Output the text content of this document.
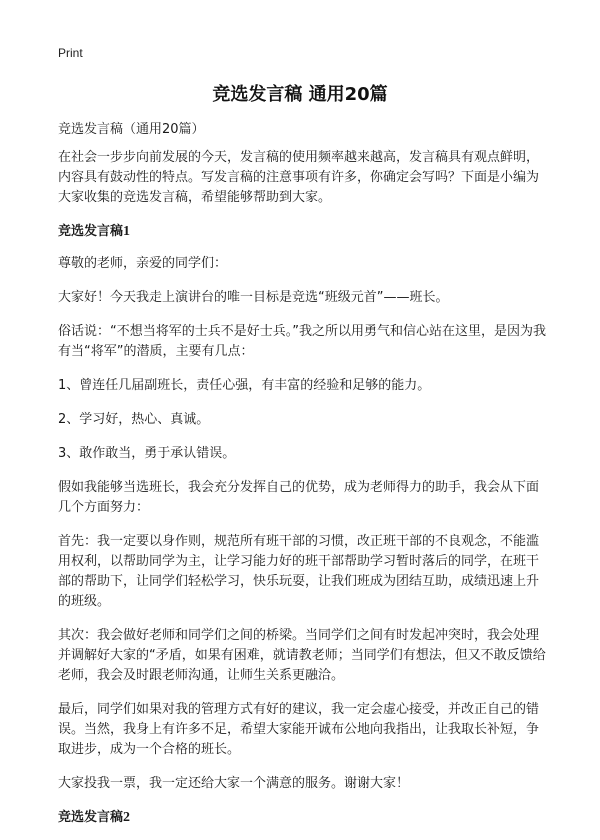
Print
竞选发言稿 通用20篇

竞选发言稿（通用20篇）

在社会一步步向前发展的今天，发言稿的使用频率越来越高，发言稿具有观点鲜明，内容具有鼓动性的特点。写发言稿的注意事项有许多，你确定会写吗？下面是小编为大家收集的竞选发言稿，希望能够帮助到大家。

竞选发言稿1

尊敬的老师，亲爱的同学们：

大家好！今天我走上演讲台的唯一目标是竞选“班级元首”——班长。

俗话说：“不想当将军的士兵不是好士兵。”我之所以用勇气和信心站在这里，是因为我有当“将军”的潜质，主要有几点：

1、曾连任几届副班长，责任心强，有丰富的经验和足够的能力。

2、学习好，热心、真诚。

3、敢作敢当，勇于承认错误。

假如我能够当选班长，我会充分发挥自己的优势，成为老师得力的助手，我会从下面几个方面努力：

首先：我一定要以身作则，规范所有班干部的习惯，改正班干部的不良观念，不能滥用权利，以帮助同学为主，让学习能力好的班干部帮助学习暂时落后的同学，在班干部的帮助下，让同学们轻松学习，快乐玩耍，让我们班成为团结互助，成绩迅速上升的班级。

其次：我会做好老师和同学们之间的桥梁。当同学们之间有时发起冲突时，我会处理并调解好大家的“矛盾，如果有困难，就请教老师；当同学们有想法，但又不敢反馈给老师，我会及时跟老师沟通，让师生关系更融洽。

最后，同学们如果对我的管理方式有好的建议，我一定会虚心接受，并改正自己的错误。当然，我身上有许多不足，希望大家能开诚布公地向我指出，让我取长补短，争取进步，成为一个合格的班长。

大家投我一票，我一定还给大家一个满意的服务。谢谢大家！

竞选发言稿2
